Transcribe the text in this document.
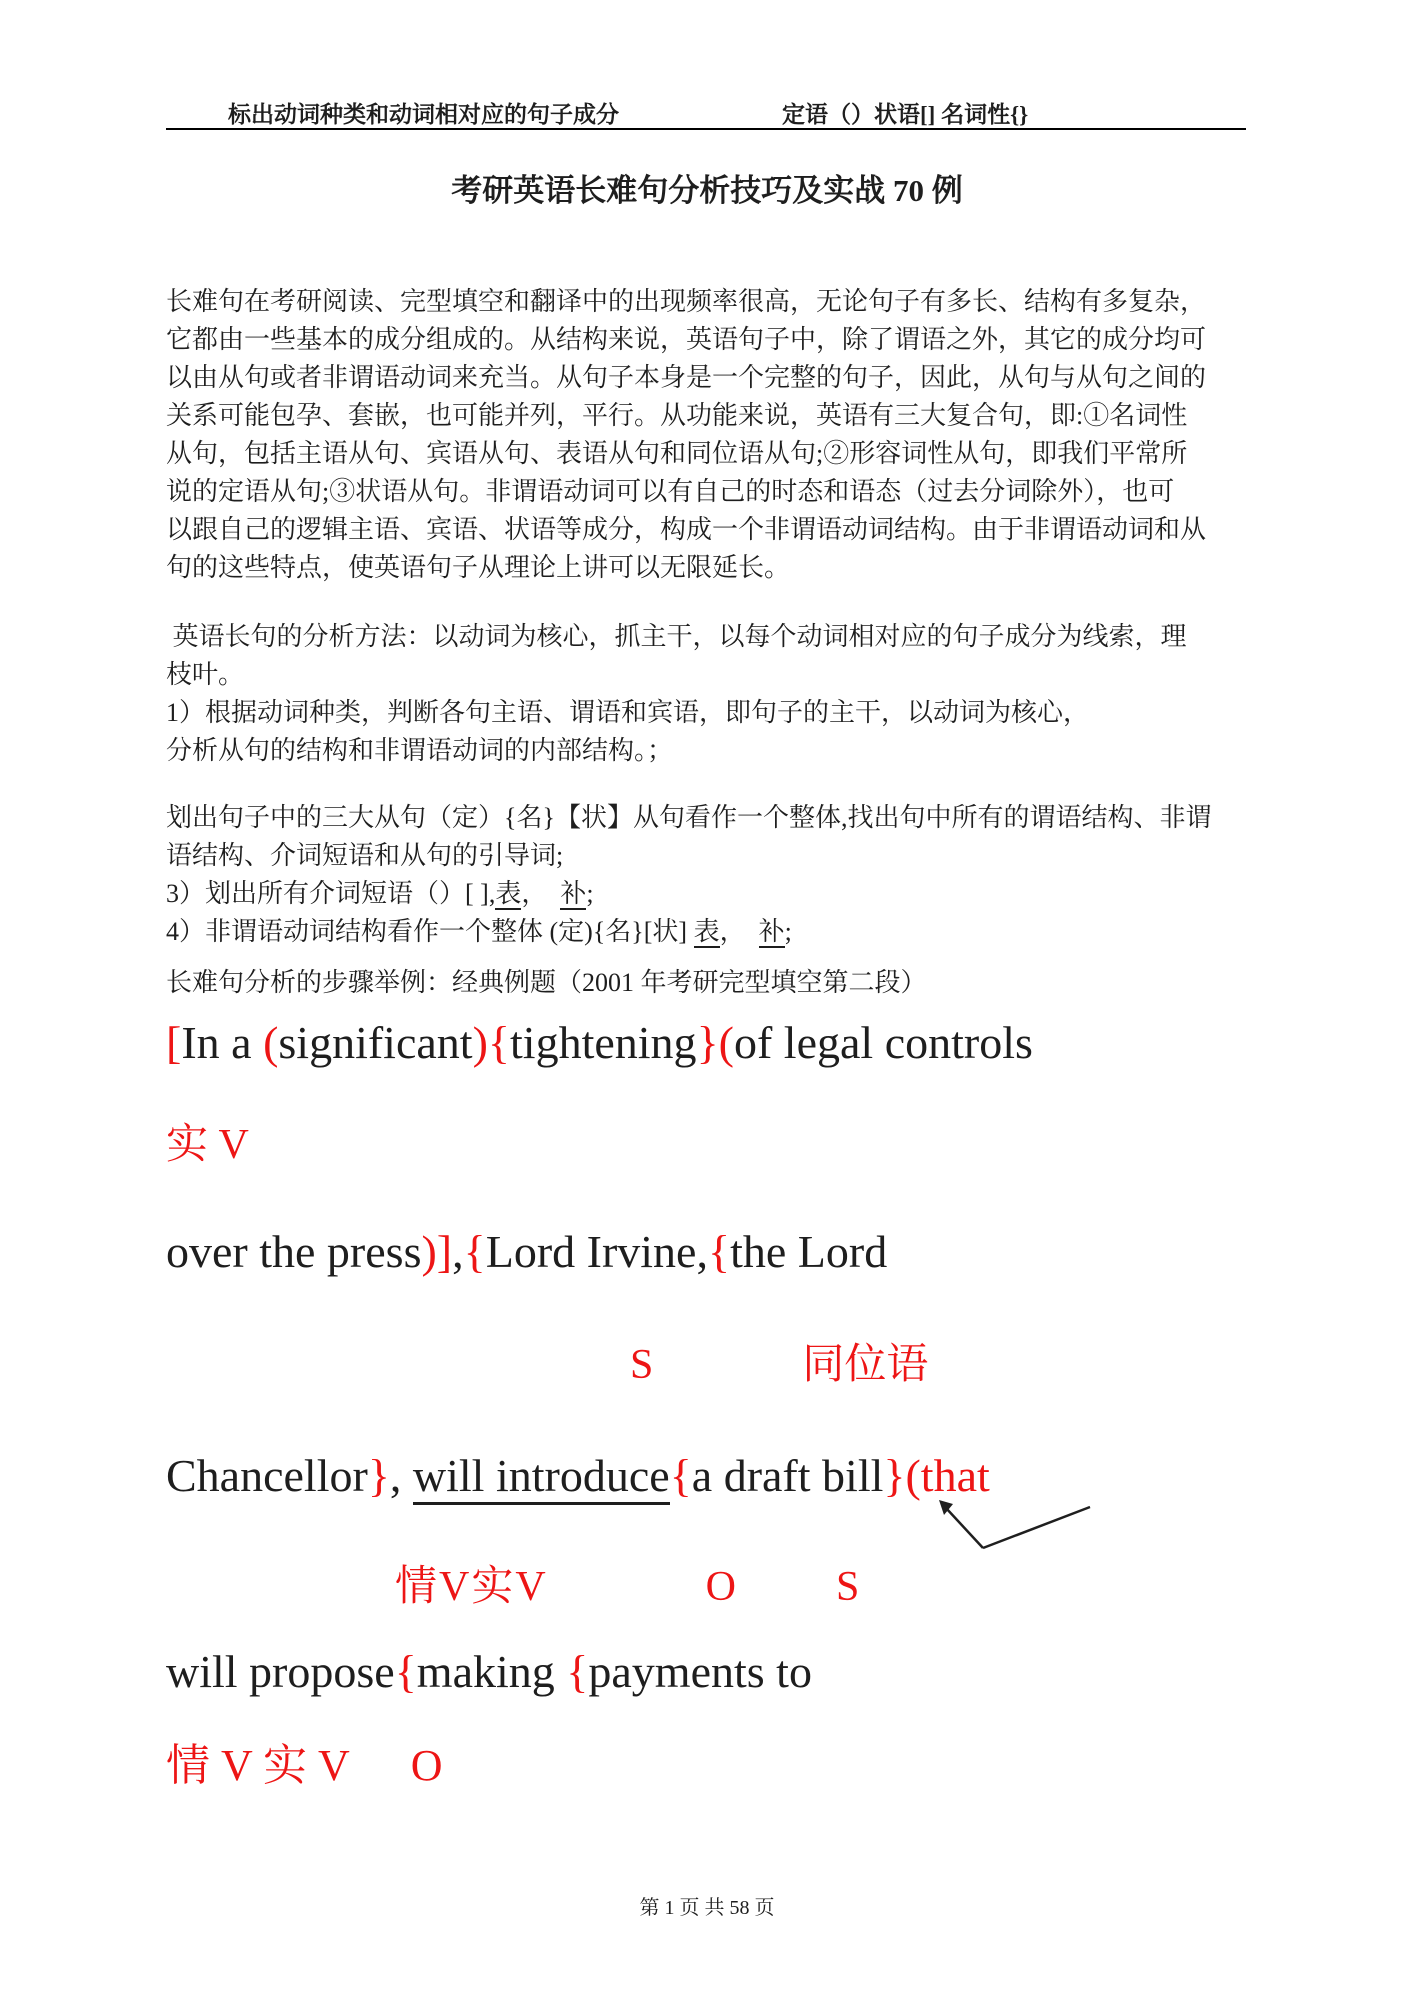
标出动词种类和动词相对应的句子成分	定语（）状语[] 名词性{}
考研英语长难句分析技巧及实战 70 例
长难句在考研阅读、完型填空和翻译中的出现频率很高，无论句子有多长、结构有多复杂，
它都由一些基本的成分组成的。从结构来说，英语句子中，除了谓语之外，其它的成分均可
以由从句或者非谓语动词来充当。从句子本身是一个完整的句子，因此，从句与从句之间的
关系可能包孕、套嵌，也可能并列，平行。从功能来说，英语有三大复合句，即:①名词性
从句，包括主语从句、宾语从句、表语从句和同位语从句;②形容词性从句，即我们平常所
说的定语从句;③状语从句。非谓语动词可以有自己的时态和语态（过去分词除外），也可
以跟自己的逻辑主语、宾语、状语等成分，构成一个非谓语动词结构。由于非谓语动词和从
句的这些特点，使英语句子从理论上讲可以无限延长。
英语长句的分析方法：以动词为核心，抓主干，以每个动词相对应的句子成分为线索，理
枝叶。
1）根据动词种类，判断各句主语、谓语和宾语，即句子的主干，以动词为核心，
分析从句的结构和非谓语动词的内部结构。；
划出句子中的三大从句（定）{名}【状】从句看作一个整体,找出句中所有的谓语结构、非谓
语结构、介词短语和从句的引导词;
3）划出所有介词短语（）[ ],表，  补;
4）非谓语动词结构看作一个整体 (定){名}[状] 表，  补;
长难句分析的步骤举例：经典例题（2001 年考研完型填空第二段）
[In a (significant){tightening}(of legal controls
实 V
over the press)],{Lord Irvine,{the Lord
S	同位语
Chancellor}, will introduce{a draft bill}(that
情V实V	O S
will propose{making {payments to
情 V 实 V O
第 1 页 共 58 页
